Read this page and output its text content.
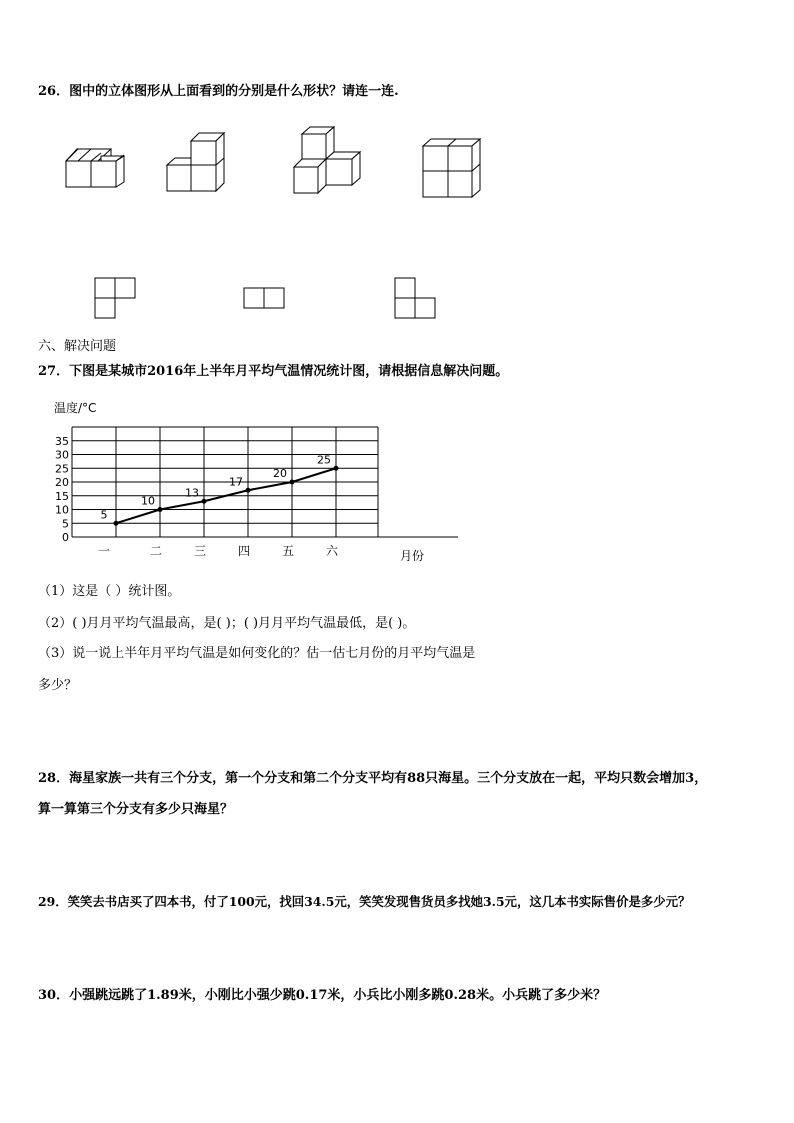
26．图中的立体图形从上面看到的分别是什么形状？请连一连.
六、解决问题
27．下图是某城市2016年上半年月平均气温情况统计图，请根据信息解决问题。
温度/°C
月份
0
5
10
15
20
25
30
35
一	二	三	四	五	六
5
10
13
17
20
25
（1）这是（ ）统计图。
（2）( )月月平均气温最高，是( )；( )月月平均气温最低，是( )。
（3）说一说上半年月平均气温是如何变化的？估一估七月份的月平均气温是
多少？
28．海星家族一共有三个分支，第一个分支和第二个分支平均有88只海星。三个分支放在一起，平均只数会增加3，
算一算第三个分支有多少只海星？
29．笑笑去书店买了四本书，付了100元，找回34.5元，笑笑发现售货员多找她3.5元，这几本书实际售价是多少元？
30．小强跳远跳了1.89米，小刚比小强少跳0.17米，小兵比小刚多跳0.28米。小兵跳了多少米？
